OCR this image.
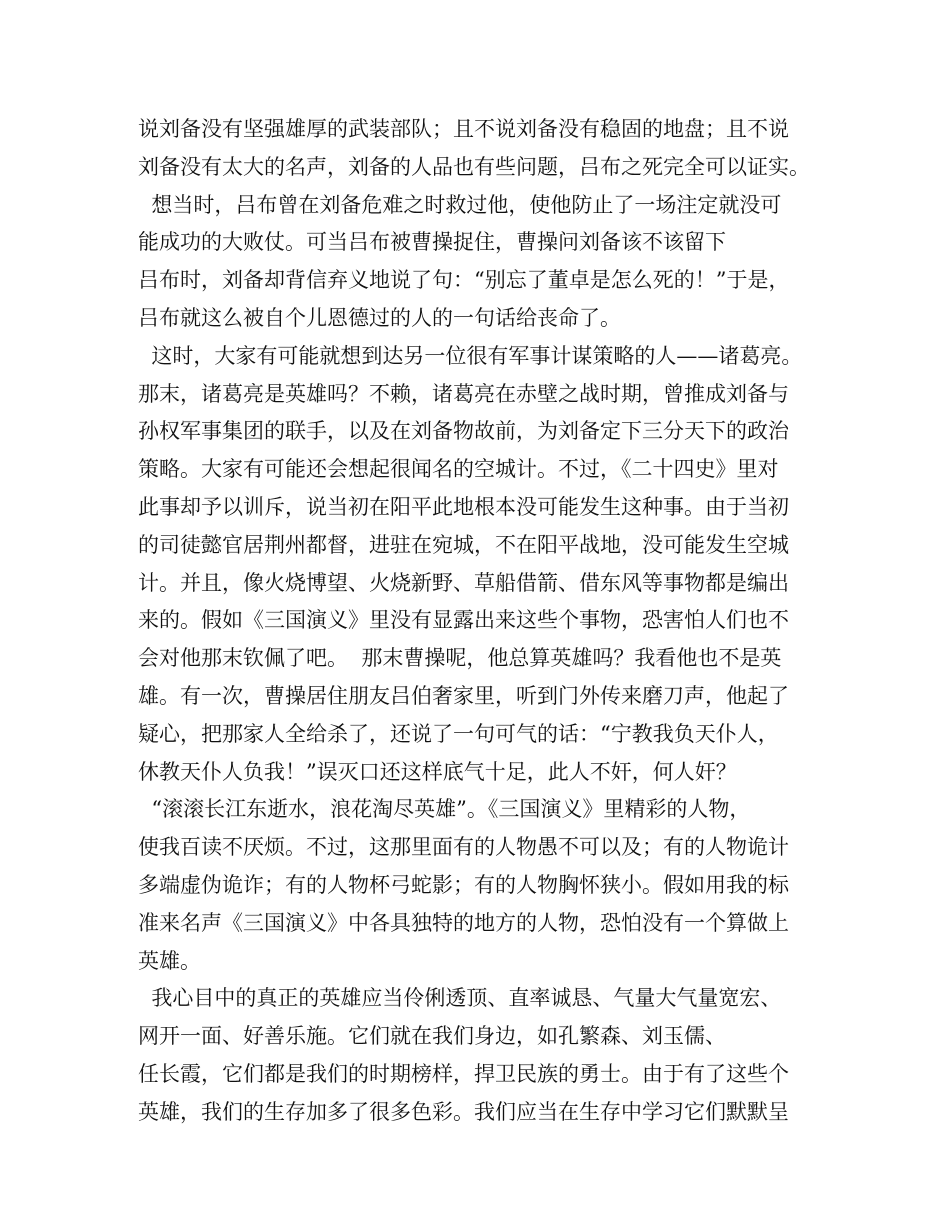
说刘备没有坚强雄厚的武装部队；且不说刘备没有稳固的地盘；且不说
刘备没有太大的名声，刘备的人品也有些问题，吕布之死完全可以证实。
想当时，吕布曾在刘备危难之时救过他，使他防止了一场注定就没可
能成功的大败仗。可当吕布被曹操捉住，曹操问刘备该不该留下
吕布时，刘备却背信弃义地说了句：“别忘了董卓是怎么死的！”于是，
吕布就这么被自个儿恩德过的人的一句话给丧命了。
这时，大家有可能就想到达另一位很有军事计谋策略的人——诸葛亮。
那末，诸葛亮是英雄吗？不赖，诸葛亮在赤壁之战时期，曾推成刘备与
孙权军事集团的联手，以及在刘备物故前，为刘备定下三分天下的政治
策略。大家有可能还会想起很闻名的空城计。不过，《二十四史》里对
此事却予以训斥，说当初在阳平此地根本没可能发生这种事。由于当初
的司徒懿官居荆州都督，进驻在宛城，不在阳平战地，没可能发生空城
计。并且，像火烧博望、火烧新野、草船借箭、借东风等事物都是编出
来的。假如《三国演义》里没有显露出来这些个事物，恐害怕人们也不
会对他那末钦佩了吧。  那末曹操呢，他总算英雄吗？我看他也不是英
雄。有一次，曹操居住朋友吕伯奢家里，听到门外传来磨刀声，他起了
疑心，把那家人全给杀了，还说了一句可气的话：“宁教我负天仆人，
休教天仆人负我！”误灭口还这样底气十足，此人不奸，何人奸？
“滚滚长江东逝水，浪花淘尽英雄”。《三国演义》里精彩的人物，
使我百读不厌烦。不过，这那里面有的人物愚不可以及；有的人物诡计
多端虚伪诡诈；有的人物杯弓蛇影；有的人物胸怀狭小。假如用我的标
准来名声《三国演义》中各具独特的地方的人物，恐怕没有一个算做上
英雄。
我心目中的真正的英雄应当伶俐透顶、直率诚恳、气量大气量宽宏、
网开一面、好善乐施。它们就在我们身边，如孔繁森、刘玉儒、
任长霞，它们都是我们的时期榜样，捍卫民族的勇士。由于有了这些个
英雄，我们的生存加多了很多色彩。我们应当在生存中学习它们默默呈
